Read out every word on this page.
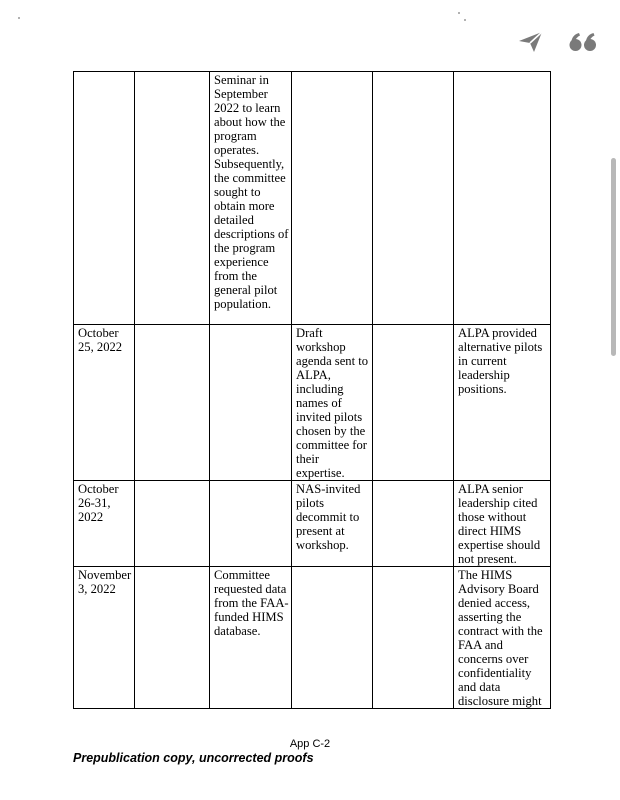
		Seminar in September 2022 to learn about how the program operates. Subsequently, the committee sought to obtain more detailed descriptions of the program experience from the general pilot population.			
October 25, 2022			Draft workshop agenda sent to ALPA, including names of invited pilots chosen by the committee for their expertise.		ALPA provided alternative pilots in current leadership positions.
October 26-31, 2022			NAS-invited pilots decommit to present at workshop.		ALPA senior leadership cited those without direct HIMS expertise should not present.
November 3, 2022		Committee requested data from the FAA-funded HIMS database.			The HIMS Advisory Board denied access, asserting the contract with the FAA and concerns over confidentiality and data disclosure might
App C-2
Prepublication copy, uncorrected proofs
